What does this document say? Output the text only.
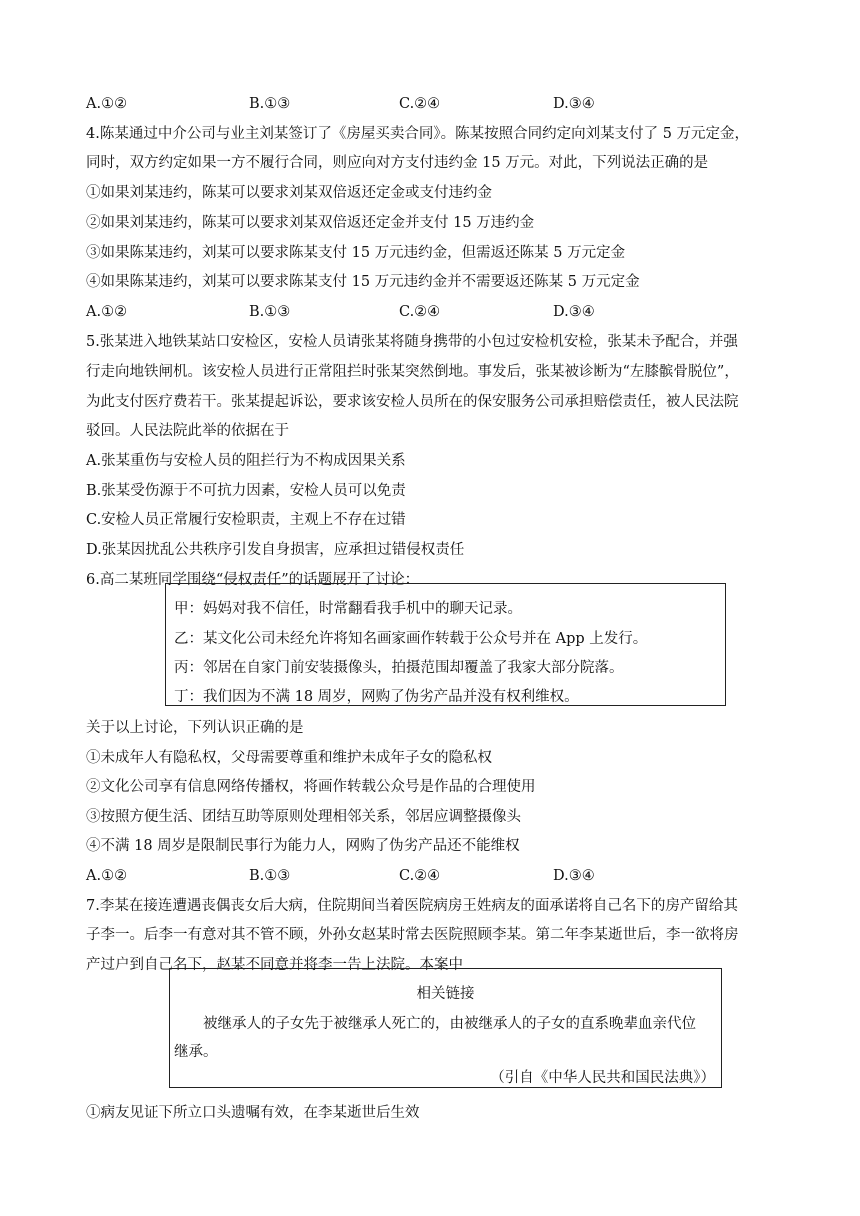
A.①②	B.①③	C.②④	D.③④
4.陈某通过中介公司与业主刘某签订了《房屋买卖合同》。陈某按照合同约定向刘某支付了 5 万元定金，
同时，双方约定如果一方不履行合同，则应向对方支付违约金 15 万元。对此，下列说法正确的是
①如果刘某违约，陈某可以要求刘某双倍返还定金或支付违约金
②如果刘某违约，陈某可以要求刘某双倍返还定金并支付 15 万违约金
③如果陈某违约，刘某可以要求陈某支付 15 万元违约金，但需返还陈某 5 万元定金
④如果陈某违约，刘某可以要求陈某支付 15 万元违约金并不需要返还陈某 5 万元定金
A.①②	B.①③	C.②④	D.③④
5.张某进入地铁某站口安检区，安检人员请张某将随身携带的小包过安检机安检，张某未予配合，并强
行走向地铁闸机。该安检人员进行正常阻拦时张某突然倒地。事发后，张某被诊断为“左膝髌骨脱位”，
为此支付医疗费若干。张某提起诉讼，要求该安检人员所在的保安服务公司承担赔偿责任，被人民法院
驳回。人民法院此举的依据在于
A.张某重伤与安检人员的阻拦行为不构成因果关系
B.张某受伤源于不可抗力因素，安检人员可以免责
C.安检人员正常履行安检职责，主观上不存在过错
D.张某因扰乱公共秩序引发自身损害，应承担过错侵权责任
6.高二某班同学围绕“侵权责任”的话题展开了讨论：
甲：妈妈对我不信任，时常翻看我手机中的聊天记录。
乙：某文化公司未经允许将知名画家画作转载于公众号并在 App 上发行。
丙：邻居在自家门前安装摄像头，拍摄范围却覆盖了我家大部分院落。
丁：我们因为不满 18 周岁，网购了伪劣产品并没有权利维权。
关于以上讨论，下列认识正确的是
①未成年人有隐私权，父母需要尊重和维护未成年子女的隐私权
②文化公司享有信息网络传播权，将画作转载公众号是作品的合理使用
③按照方便生活、团结互助等原则处理相邻关系，邻居应调整摄像头
④不满 18 周岁是限制民事行为能力人，网购了伪劣产品还不能维权
A.①②	B.①③	C.②④	D.③④
7.李某在接连遭遇丧偶丧女后大病，住院期间当着医院病房王姓病友的面承诺将自己名下的房产留给其
子李一。后李一有意对其不管不顾，外孙女赵某时常去医院照顾李某。第二年李某逝世后，李一欲将房
产过户到自己名下，赵某不同意并将李一告上法院。本案中
相关链接
被继承人的子女先于被继承人死亡的，由被继承人的子女的直系晚辈血亲代位
继承。
（引自《中华人民共和国民法典》）
①病友见证下所立口头遗嘱有效，在李某逝世后生效
